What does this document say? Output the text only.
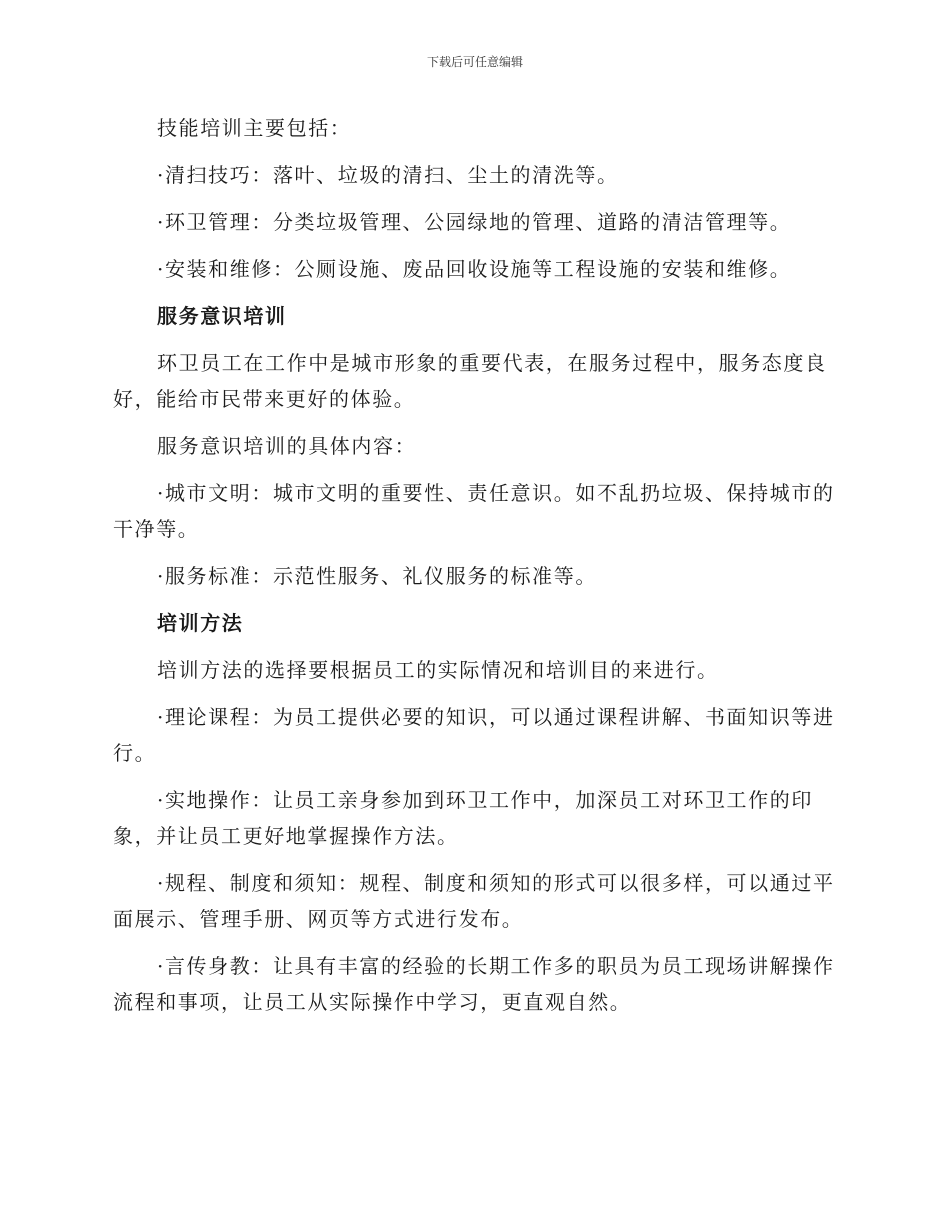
下载后可任意编辑

技能培训主要包括：

·清扫技巧：落叶、垃圾的清扫、尘土的清洗等。

·环卫管理：分类垃圾管理、公园绿地的管理、道路的清洁管理等。

·安装和维修：公厕设施、废品回收设施等工程设施的安装和维修。

服务意识培训

环卫员工在工作中是城市形象的重要代表，在服务过程中，服务态度良好，能给市民带来更好的体验。

服务意识培训的具体内容：

·城市文明：城市文明的重要性、责任意识。如不乱扔垃圾、保持城市的干净等。

·服务标准：示范性服务、礼仪服务的标准等。

培训方法

培训方法的选择要根据员工的实际情况和培训目的来进行。

·理论课程：为员工提供必要的知识，可以通过课程讲解、书面知识等进行。

·实地操作：让员工亲身参加到环卫工作中，加深员工对环卫工作的印象，并让员工更好地掌握操作方法。

·规程、制度和须知：规程、制度和须知的形式可以很多样，可以通过平面展示、管理手册、网页等方式进行发布。

·言传身教：让具有丰富的经验的长期工作多的职员为员工现场讲解操作流程和事项，让员工从实际操作中学习，更直观自然。
